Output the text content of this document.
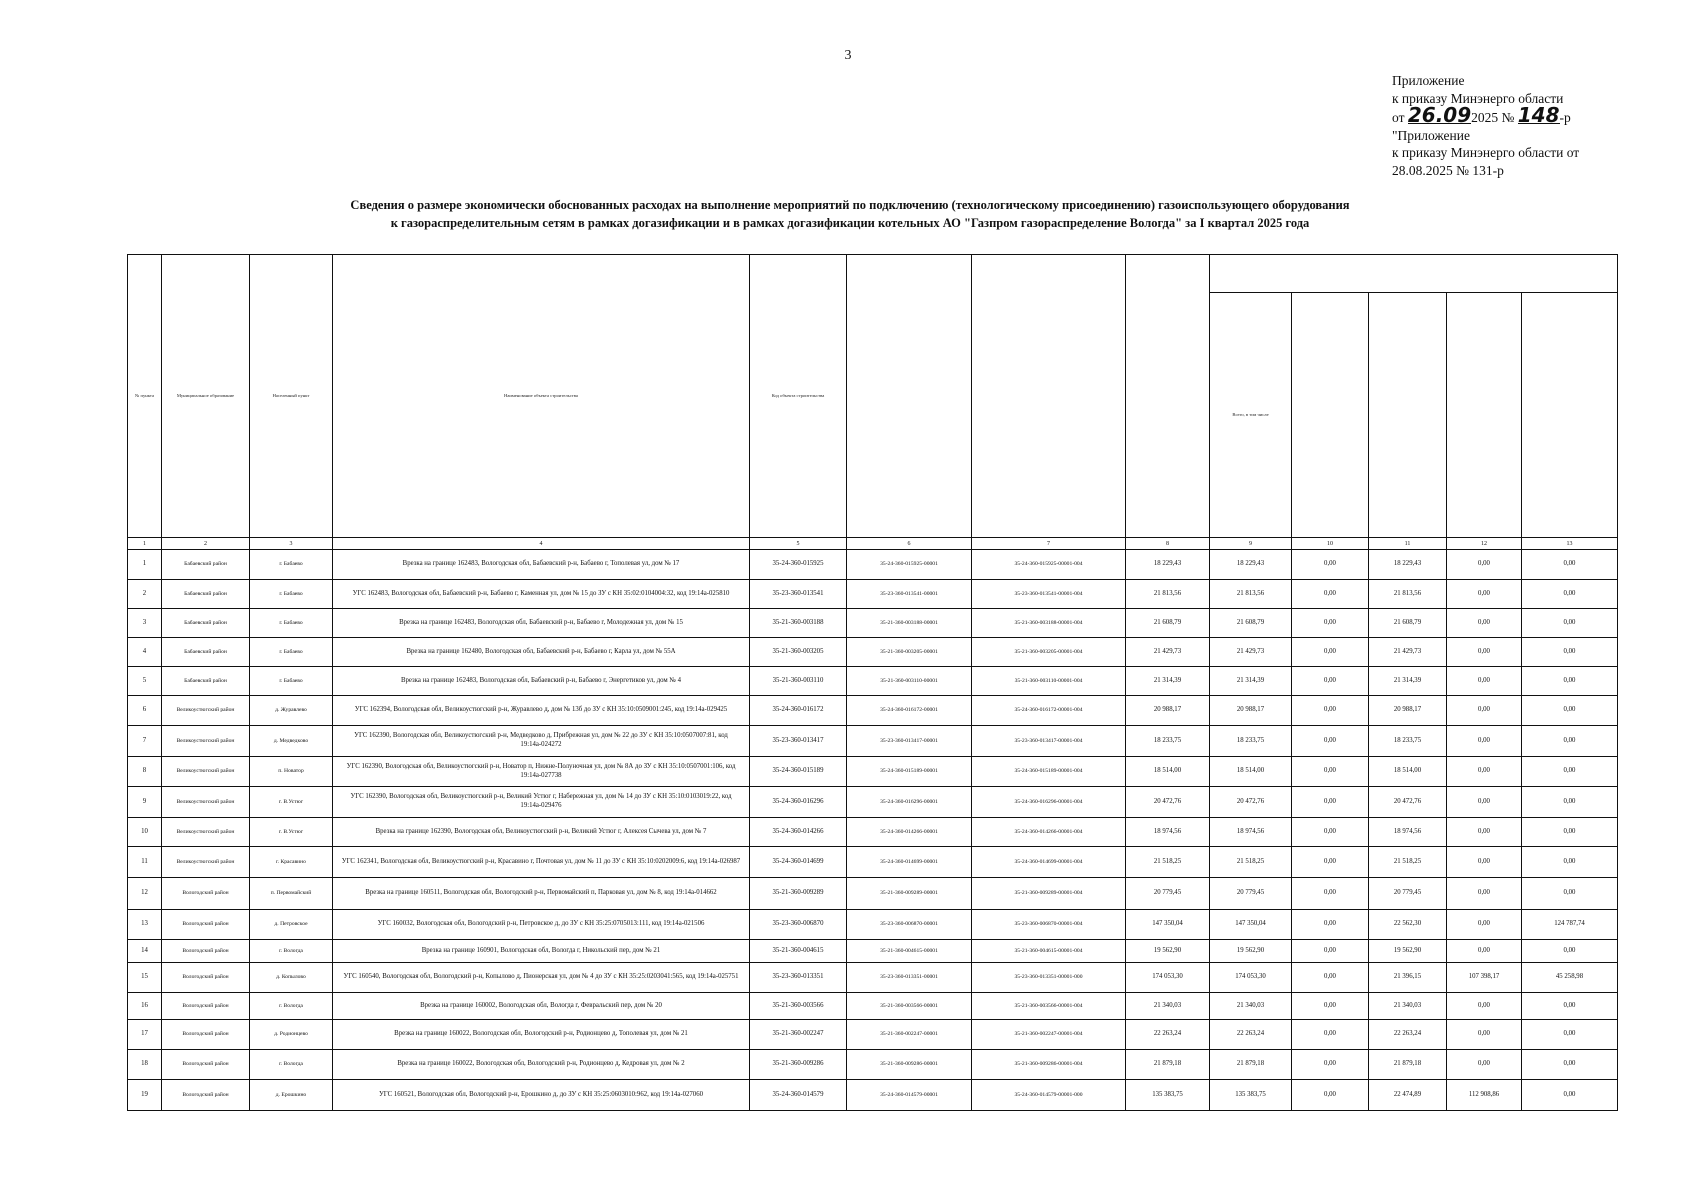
3
Приложение
к приказу Минэнерго области
от 26.092025 № 148-р
"Приложение
к приказу Минэнерго области от
28.08.2025 № 131-р
Сведения о размере экономически обоснованных расходах на выполнение мероприятий по подключению (технологическому присоединению) газоиспользующего оборудования
к газораспределительным сетям в рамках догазификации и в рамках догазификации котельных АО "Газпром газораспределение Вологда" за I квартал 2025 года
№ пункта	Муниципальное образование	Населенный пункт	Наименование объекта строительства	Код объекта строительства								
								Всего, в том числе				
1	2	3	4	5	6	7	8	9	10	11	12	13
1	Бабаевский район	г. Бабаево	Врезка на границе 162483, Вологодская обл, Бабаевский р-н, Бабаево г, Тополевая ул, дом № 17	35-24-360-015925	35-24-360-015925-00001	35-24-360-015925-00001-004	18 229,43	18 229,43	0,00	18 229,43	0,00	0,00
2	Бабаевский район	г. Бабаево	УГС 162483, Вологодская обл, Бабаевский р-н, Бабаево г, Каменная ул, дом № 15 до ЗУ с КН 35:02:0104004:32, код 19:14а-025810	35-23-360-013541	35-23-360-013541-00001	35-23-360-013541-00001-004	21 813,56	21 813,56	0,00	21 813,56	0,00	0,00
3	Бабаевский район	г. Бабаево	Врезка на границе 162483, Вологодская обл, Бабаевский р-н, Бабаево г, Молодежная ул, дом № 15	35-21-360-003188	35-21-360-003188-00001	35-21-360-003188-00001-004	21 608,79	21 608,79	0,00	21 608,79	0,00	0,00
4	Бабаевский район	г. Бабаево	Врезка на границе 162480, Вологодская обл, Бабаевский р-н, Бабаево г, Карла ул, дом № 55А	35-21-360-003205	35-21-360-003205-00001	35-21-360-003205-00001-004	21 429,73	21 429,73	0,00	21 429,73	0,00	0,00
5	Бабаевский район	г. Бабаево	Врезка на границе 162483, Вологодская обл, Бабаевский р-н, Бабаево г, Энергетиков ул, дом № 4	35-21-360-003110	35-21-360-003110-00001	35-21-360-003110-00001-004	21 314,39	21 314,39	0,00	21 314,39	0,00	0,00
6	Великоустюгский район	д. Журавлево	УГС 162394, Вологодская обл, Великоустюгский р-н, Журавлево д, дом № 13б до ЗУ с КН 35:10:0509001:245, код 19:14а-029425	35-24-360-016172	35-24-360-016172-00001	35-24-360-016172-00001-004	20 988,17	20 988,17	0,00	20 988,17	0,00	0,00
7	Великоустюгский район	д. Медведково	УГС 162390, Вологодская обл, Великоустюгский р-н, Медведково д, Прибрежная ул, дом № 22 до ЗУ с КН 35:10:0507007:81, код 19:14а-024272	35-23-360-013417	35-23-360-013417-00001	35-23-360-013417-00001-004	18 233,75	18 233,75	0,00	18 233,75	0,00	0,00
8	Великоустюгский район	п. Новатор	УГС 162390, Вологодская обл, Великоустюгский р-н, Новатор п, Нижне-Полуночная ул, дом № 8А до ЗУ с КН 35:10:0507001:106, код 19:14а-027738	35-24-360-015189	35-24-360-015189-00001	35-24-360-015189-00001-004	18 514,00	18 514,00	0,00	18 514,00	0,00	0,00
9	Великоустюгский район	г. В.Устюг	УГС 162390, Вологодская обл, Великоустюгский р-н, Великий Устюг г, Набережная ул, дом № 14 до ЗУ с КН 35:10:0103019:22, код 19:14а-029476	35-24-360-016296	35-24-360-016296-00001	35-24-360-016296-00001-004	20 472,76	20 472,76	0,00	20 472,76	0,00	0,00
10	Великоустюгский район	г. В.Устюг	Врезка на границе 162390, Вологодская обл, Великоустюгский р-н, Великий Устюг г, Алексея Сычева ул, дом № 7	35-24-360-014266	35-24-360-014266-00001	35-24-360-014266-00001-004	18 974,56	18 974,56	0,00	18 974,56	0,00	0,00
11	Великоустюгский район	г. Красавино	УГС 162341, Вологодская обл, Великоустюгский р-н, Красавино г, Почтовая ул, дом № 11 до ЗУ с КН 35:10:0202009:6, код 19:14а-026987	35-24-360-014699	35-24-360-014699-00001	35-24-360-014699-00001-004	21 518,25	21 518,25	0,00	21 518,25	0,00	0,00
12	Вологодский район	п. Первомайский	Врезка на границе 160511, Вологодская обл, Вологодский р-н, Первомайский п, Парковая ул, дом № 8, код 19:14а-014662	35-21-360-009289	35-21-360-009289-00001	35-21-360-009289-00001-004	20 779,45	20 779,45	0,00	20 779,45	0,00	0,00
13	Вологодский район	д. Петровское	УГС 160032, Вологодская обл, Вологодский р-н, Петровское д, до ЗУ с КН 35:25:0705013:111, код 19:14а-021506	35-23-360-006870	35-23-360-006870-00001	35-23-360-006870-00001-004	147 350,04	147 350,04	0,00	22 562,30	0,00	124 787,74
14	Вологодский район	г. Вологда	Врезка на границе 160901, Вологодская обл, Вологда г, Никольский пер, дом № 21	35-21-360-004615	35-21-360-004615-00001	35-21-360-004615-00001-004	19 562,90	19 562,90	0,00	19 562,90	0,00	0,00
15	Вологодский район	д. Копылово	УГС 160540, Вологодская обл, Вологодский р-н, Копылово д, Пионерская ул, дом № 4 до ЗУ с КН 35:25:0203041:565, код 19:14а-025751	35-23-360-013351	35-23-360-013351-00001	35-23-360-013351-00001-000	174 053,30	174 053,30	0,00	21 396,15	107 398,17	45 258,98
16	Вологодский район	г. Вологда	Врезка на границе 160002, Вологодская обл, Вологда г, Февральский пер, дом № 20	35-21-360-003566	35-21-360-003566-00001	35-21-360-003566-00001-004	21 340,03	21 340,03	0,00	21 340,03	0,00	0,00
17	Вологодский район	д. Родионцево	Врезка на границе 160022, Вологодская обл, Вологодский р-н, Родионцево д, Тополевая ул, дом № 21	35-21-360-002247	35-21-360-002247-00001	35-21-360-002247-00001-004	22 263,24	22 263,24	0,00	22 263,24	0,00	0,00
18	Вологодский район	г. Вологда	Врезка на границе 160022, Вологодская обл, Вологодский р-н, Родионцево д, Кедровая ул, дом № 2	35-21-360-009286	35-21-360-009286-00001	35-21-360-009286-00001-004	21 879,18	21 879,18	0,00	21 879,18	0,00	0,00
19	Вологодский район	д. Ерошкино	УГС 160521, Вологодская обл, Вологодский р-н, Ерошкино д, до ЗУ с КН 35:25:0603010:962, код 19:14а-027060	35-24-360-014579	35-24-360-014579-00001	35-24-360-014579-00001-000	135 383,75	135 383,75	0,00	22 474,89	112 908,86	0,00
